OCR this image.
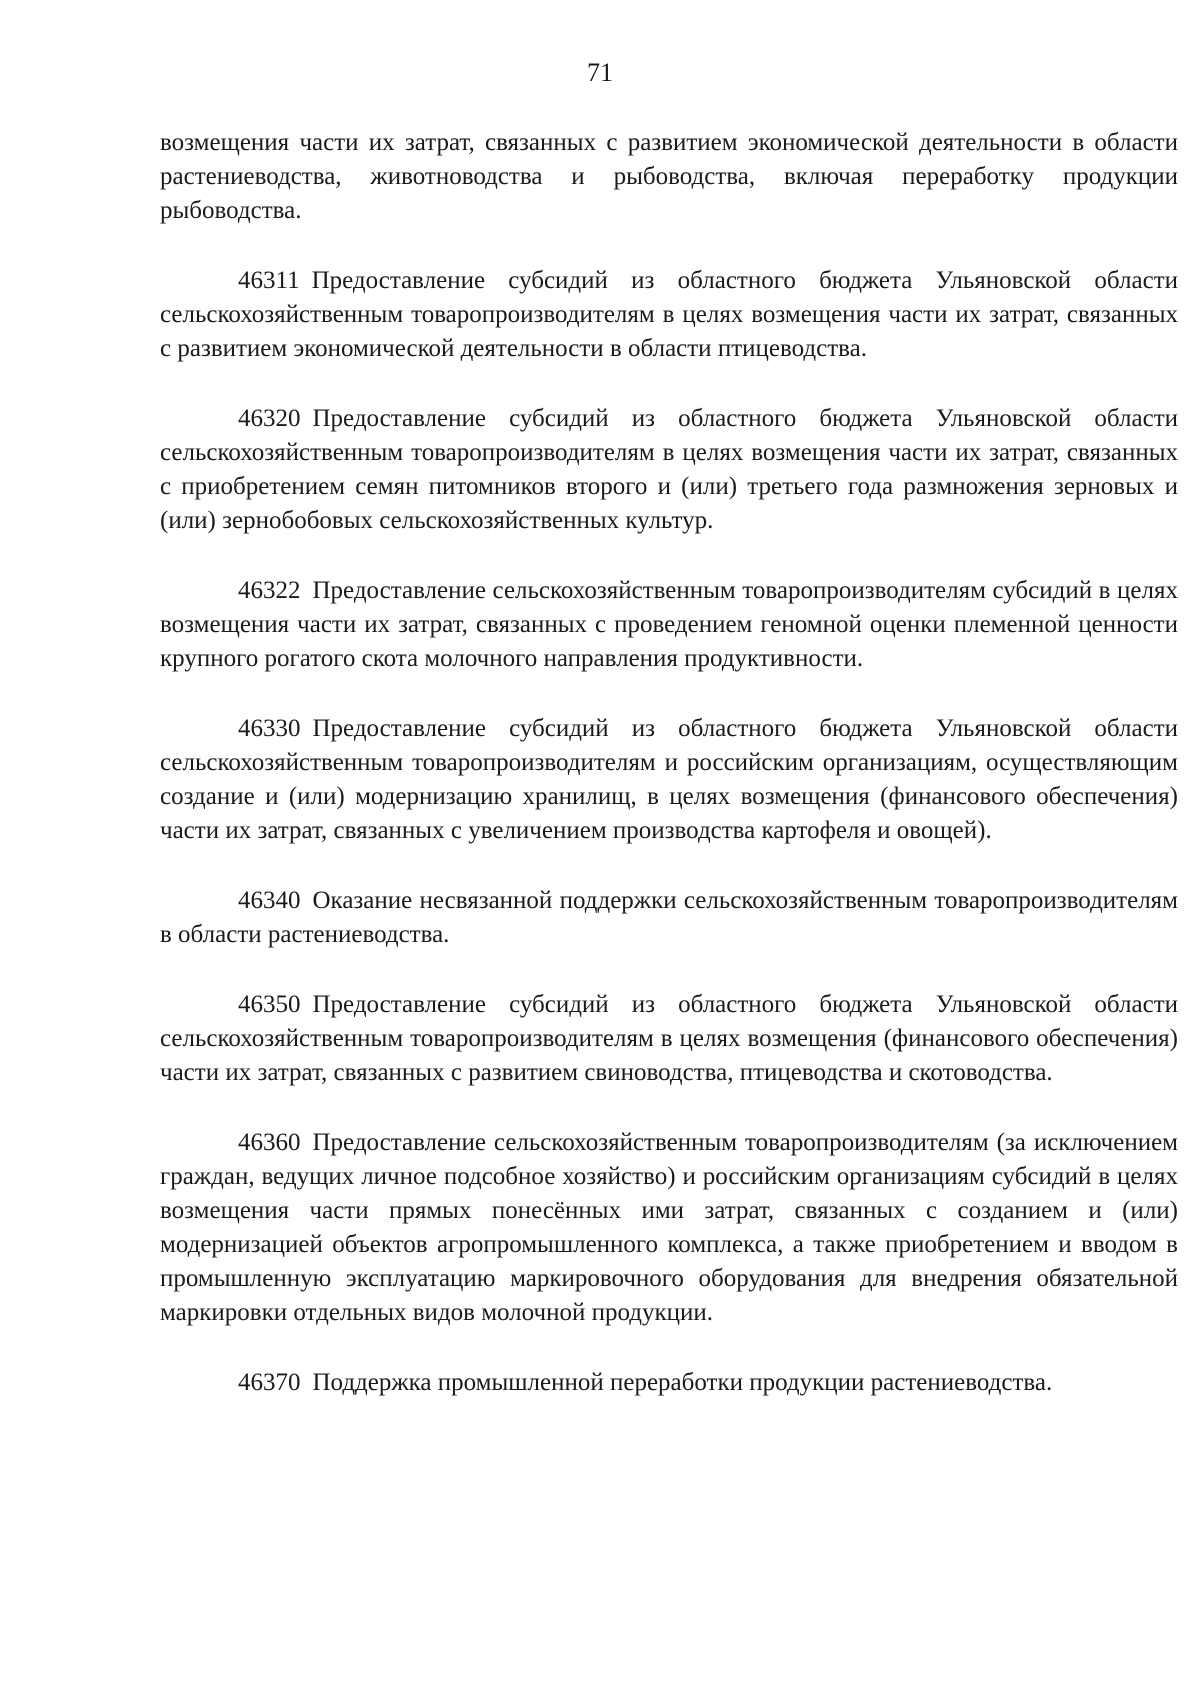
71

возмещения части их затрат, связанных с развитием экономической деятельности в области растениеводства, животноводства и рыбоводства, включая переработку продукции рыбоводства.

46311 Предоставление субсидий из областного бюджета Ульяновской области сельскохозяйственным товаропроизводителям в целях возмещения части их затрат, связанных с развитием экономической деятельности в области птицеводства.

46320 Предоставление субсидий из областного бюджета Ульяновской области сельскохозяйственным товаропроизводителям в целях возмещения части их затрат, связанных с приобретением семян питомников второго и (или) третьего года размножения зерновых и (или) зернобобовых сельскохозяйственных культур.

46322 Предоставление сельскохозяйственным товаропроизводителям субсидий в целях возмещения части их затрат, связанных с проведением геномной оценки племенной ценности крупного рогатого скота молочного направления продуктивности.

46330 Предоставление субсидий из областного бюджета Ульяновской области сельскохозяйственным товаропроизводителям и российским организациям, осуществляющим создание и (или) модернизацию хранилищ, в целях возмещения (финансового обеспечения) части их затрат, связанных с увеличением производства картофеля и овощей).

46340 Оказание несвязанной поддержки сельскохозяйственным товаропроизводителям в области растениеводства.

46350 Предоставление субсидий из областного бюджета Ульяновской области сельскохозяйственным товаропроизводителям в целях возмещения (финансового обеспечения) части их затрат, связанных с развитием свиноводства, птицеводства и скотоводства.

46360 Предоставление сельскохозяйственным товаропроизводителям (за исключением граждан, ведущих личное подсобное хозяйство) и российским организациям субсидий в целях возмещения части прямых понесённых ими затрат, связанных с созданием и (или) модернизацией объектов агропромышленного комплекса, а также приобретением и вводом в промышленную эксплуатацию маркировочного оборудования для внедрения обязательной маркировки отдельных видов молочной продукции.

46370 Поддержка промышленной переработки продукции растениеводства.
